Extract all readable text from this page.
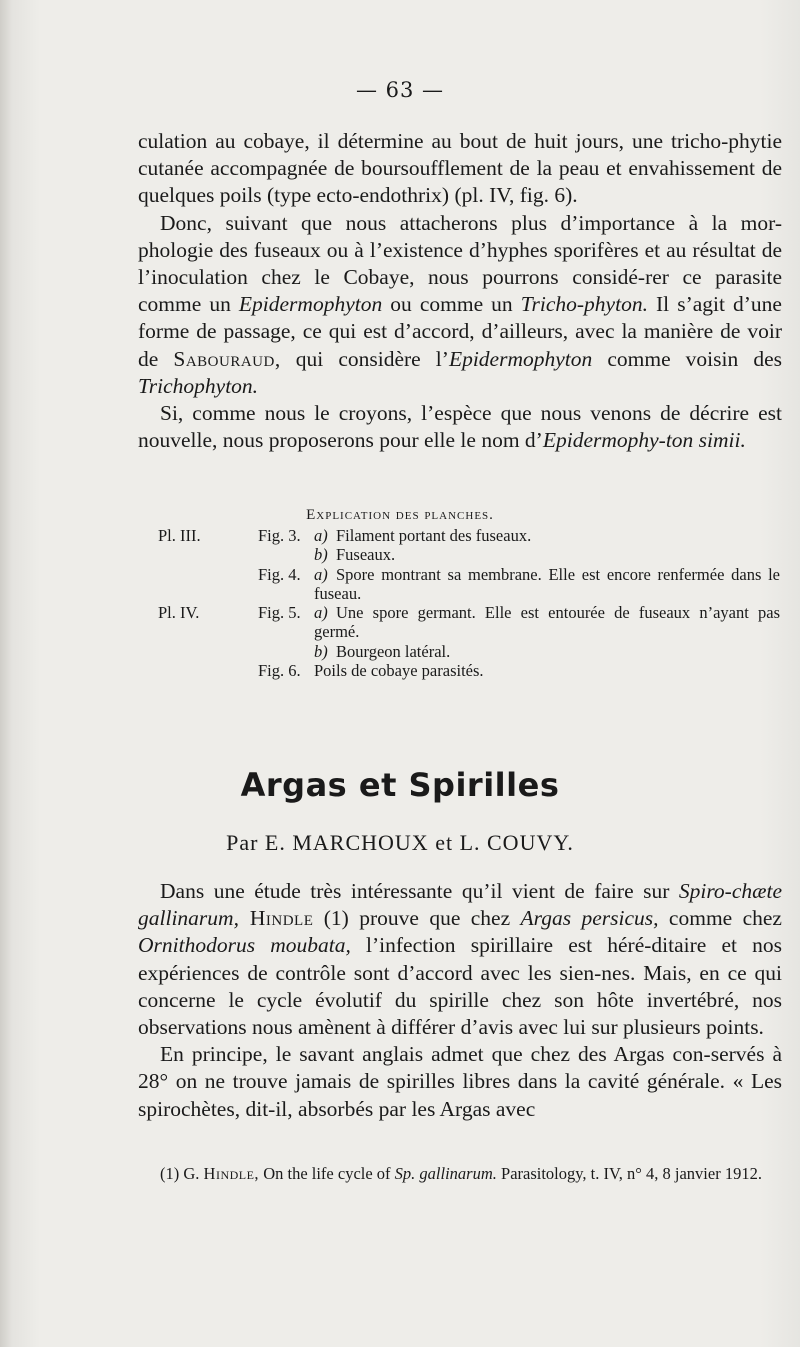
— 63 —

culation au cobaye, il détermine au bout de huit jours, une tricho-phytie cutanée accompagnée de boursoufflement de la peau et envahissement de quelques poils (type ecto-endothrix) (pl. IV, fig. 6).

Donc, suivant que nous attacherons plus d’importance à la mor-phologie des fuseaux ou à l’existence d’hyphes sporifères et au résultat de l’inoculation chez le Cobaye, nous pourrons considé-rer ce parasite comme un Epidermophyton ou comme un Tricho-phyton. Il s’agit d’une forme de passage, ce qui est d’accord, d’ailleurs, avec la manière de voir de Sabouraud, qui considère l’Epidermophyton comme voisin des Trichophyton.

Si, comme nous le croyons, l’espèce que nous venons de décrire est nouvelle, nous proposerons pour elle le nom d’Epidermophy-ton simii.

Explication des planches.
Pl. III.	Fig. 3. a) Filament portant des fuseaux.
b) Fuseaux.
Fig. 4. a) Spore montrant sa membrane. Elle est encore renfermée dans le fuseau.
Pl. IV.	Fig. 5. a) Une spore germant. Elle est entourée de fuseaux n’ayant pas germé.
b) Bourgeon latéral.
Fig. 6. Poils de cobaye parasités.
Argas et Spirilles
Par E. MARCHOUX et L. COUVY.

Dans une étude très intéressante qu’il vient de faire sur Spiro-chæte gallinarum, Hindle (1) prouve que chez Argas persicus, comme chez Ornithodorus moubata, l’infection spirillaire est héré-ditaire et nos expériences de contrôle sont d’accord avec les sien-nes. Mais, en ce qui concerne le cycle évolutif du spirille chez son hôte invertébré, nos observations nous amènent à différer d’avis avec lui sur plusieurs points.

En principe, le savant anglais admet que chez des Argas con-servés à 28° on ne trouve jamais de spirilles libres dans la cavité générale. « Les spirochètes, dit-il, absorbés par les Argas avec

(1) G. Hindle, On the life cycle of Sp. gallinarum. Parasitology, t. IV, n° 4, 8 janvier 1912.
